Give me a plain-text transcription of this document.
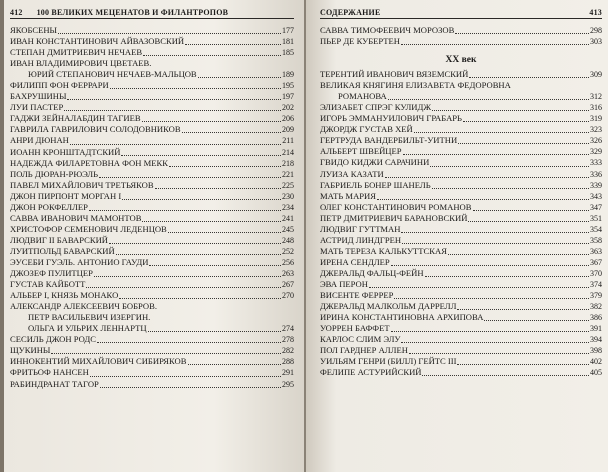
412 100 ВЕЛИКИХ МЕЦЕНАТОВ И ФИЛАНТРОПОВ
ЯКОБСЕНЫ	177
ИВАН КОНСТАНТИНОВИЧ АЙВАЗОВСКИЙ	181
СТЕПАН ДМИТРИЕВИЧ НЕЧАЕВ	185
ИВАН ВЛАДИМИРОВИЧ ЦВЕТАЕВ.
ЮРИЙ СТЕПАНОВИЧ НЕЧАЕВ-МАЛЬЦОВ	189
ФИЛИПП ФОН ФЕРРАРИ	195
БАХРУШИНЫ	197
ЛУИ ПАСТЕР	202
ГАДЖИ ЗЕЙНАЛАБДИН ТАГИЕВ	206
ГАВРИЛА ГАВРИЛОВИЧ СОЛОДОВНИКОВ	209
АНРИ ДЮНАН	211
ИОАНН КРОНШТАДТСКИЙ	214
НАДЕЖДА ФИЛАРЕТОВНА ФОН МЕКК	218
ПОЛЬ ДЮРАН-РЮЭЛЬ	221
ПАВЕЛ МИХАЙЛОВИЧ ТРЕТЬЯКОВ	225
ДЖОН ПИРПОНТ МОРГАН I	230
ДЖОН РОКФЕЛЛЕР	234
САВВА ИВАНОВИЧ МАМОНТОВ	241
ХРИСТОФОР СЕМЕНОВИЧ ЛЕДЕНЦОВ	245
ЛЮДВИГ II БАВАРСКИЙ	248
ЛУИТПОЛЬД БАВАРСКИЙ	252
ЭУСЕБИ ГУЭЛЬ. АНТОНИО ГАУДИ	256
ДЖОЗЕФ ПУЛИТЦЕР	263
ГУСТАВ КАЙБОТТ	267
АЛЬБЕР I, КНЯЗЬ МОНАКО	270
АЛЕКСАНДР АЛЕКСЕЕВИЧ БОБРОВ.
ПЕТР ВАСИЛЬЕВИЧ ИЗЕРГИН.
ОЛЬГА И УЛЬРИХ ЛЕННАРТЦ	274
СЕСИЛЬ ДЖОН РОДС	278
ЩУКИНЫ	282
ИННОКЕНТИЙ МИХАЙЛОВИЧ СИБИРЯКОВ	288
ФРИТЬОФ НАНСЕН	291
РАБИНДРАНАТ ТАГОР	295
СОДЕРЖАНИЕ	413
САВВА ТИМОФЕЕВИЧ МОРОЗОВ	298
ПЬЕР ДЕ КУБЕРТЕН	303
XX век
ТЕРЕНТИЙ ИВАНОВИЧ ВЯЗЕМСКИЙ	309
ВЕЛИКАЯ КНЯГИНЯ ЕЛИЗАВЕТА ФЕДОРОВНА
РОМАНОВА	312
ЭЛИЗАБЕТ СПРЭГ КУЛИДЖ	316
ИГОРЬ ЭММАНУИЛОВИЧ ГРАБАРЬ	319
ДЖОРДЖ ГУСТАВ ХЕЙ	323
ГЕРТРУДА ВАНДЕРБИЛЬТ-УИТНИ	326
АЛЬБЕРТ ШВЕЙЦЕР	329
ГВИДО КИДЖИ САРАЧИНИ	333
ЛУИЗА КАЗАТИ	336
ГАБРИЕЛЬ БОНЕР ШАНЕЛЬ	339
МАТЬ МАРИЯ	343
ОЛЕГ КОНСТАНТИНОВИЧ РОМАНОВ	347
ПЕТР ДМИТРИЕВИЧ БАРАНОВСКИЙ	351
ЛЮДВИГ ГУТТМАН	354
АСТРИД ЛИНДГРЕН	358
МАТЬ ТЕРЕЗА КАЛЬКУТТСКАЯ	363
ИРЕНА СЕНДЛЕР	367
ДЖЕРАЛЬД ФАЛЬЦ-ФЕЙН	370
ЭВА ПЕРОН	374
ВИСЕНТЕ ФЕРРЕР	379
ДЖЕРАЛЬД МАЛКОЛЬМ ДАРРЕЛЛ	382
ИРИНА КОНСТАНТИНОВНА АРХИПОВА	386
УОРРЕН БАФФЕТ	391
КАРЛОС СЛИМ ЭЛУ	394
ПОЛ ГАРДНЕР АЛЛЕН	398
УИЛЬЯМ ГЕНРИ (БИЛЛ) ГЕЙТС III	402
ФЕЛИПЕ АСТУРИЙСКИЙ	405
